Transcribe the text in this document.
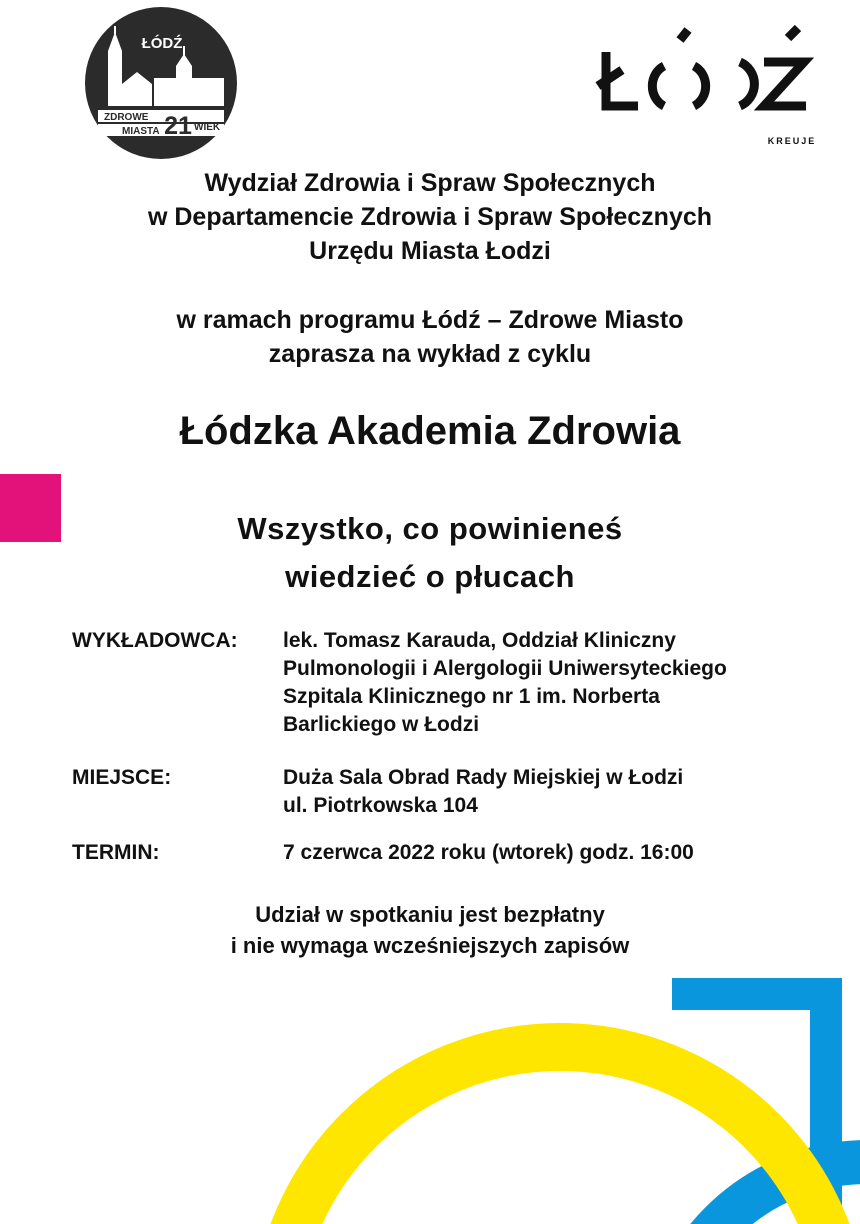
ŁÓDŹ
ZDROWE
MIASTA 21 WIEK
KREUJE
Wydział Zdrowia i Spraw Społecznych
w Departamencie Zdrowia i Spraw Społecznych
Urzędu Miasta Łodzi
w ramach programu Łódź – Zdrowe Miasto
zaprasza na wykład z cyklu
Łódzka Akademia Zdrowia
Wszystko, co powinieneś
wiedzieć o płucach
WYKŁADOWCA: lek. Tomasz Karauda, Oddział Kliniczny
Pulmonologii i Alergologii Uniwersyteckiego
Szpitala Klinicznego nr 1 im. Norberta
Barlickiego w Łodzi
MIEJSCE:	Duża Sala Obrad Rady Miejskiej w Łodzi
ul. Piotrkowska 104
TERMIN:	7 czerwca 2022 roku (wtorek) godz. 16:00
Udział w spotkaniu jest bezpłatny
i nie wymaga wcześniejszych zapisów
